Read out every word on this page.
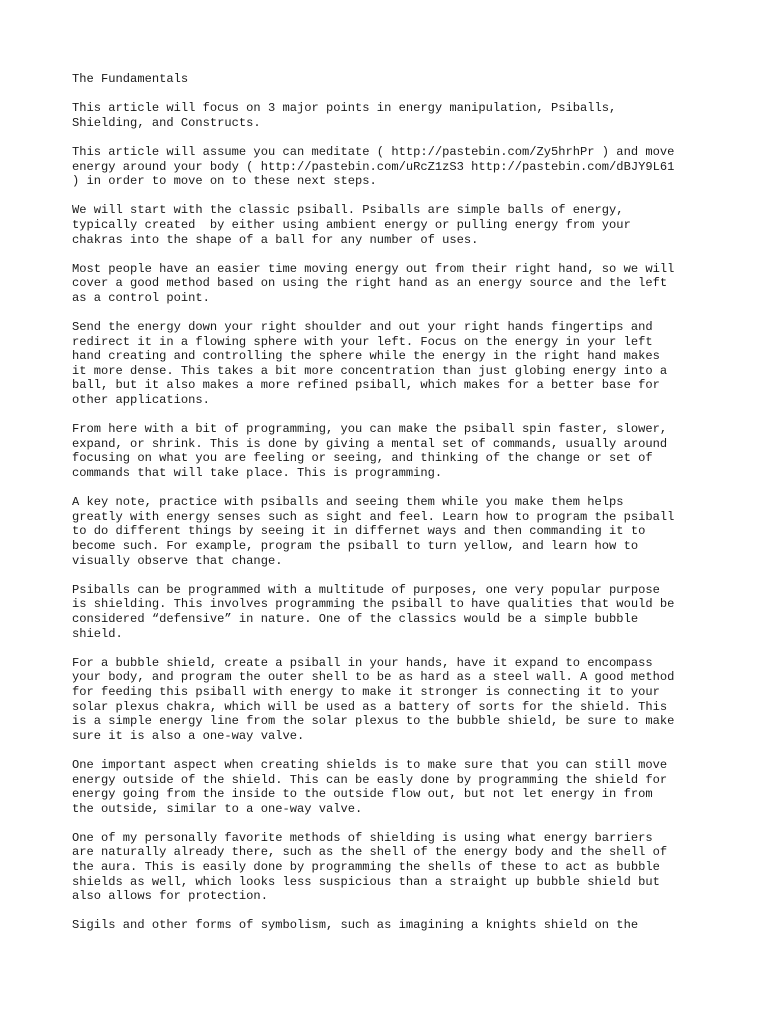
The Fundamentals
This article will focus on 3 major points in energy manipulation, Psiballs,
Shielding, and Constructs.
This article will assume you can meditate ( http://pastebin.com/Zy5hrhPr ) and move
energy around your body ( http://pastebin.com/uRcZ1zS3 http://pastebin.com/dBJY9L61
) in order to move on to these next steps.
We will start with the classic psiball. Psiballs are simple balls of energy,
typically created  by either using ambient energy or pulling energy from your
chakras into the shape of a ball for any number of uses.
Most people have an easier time moving energy out from their right hand, so we will
cover a good method based on using the right hand as an energy source and the left
as a control point.
Send the energy down your right shoulder and out your right hands fingertips and
redirect it in a flowing sphere with your left. Focus on the energy in your left
hand creating and controlling the sphere while the energy in the right hand makes
it more dense. This takes a bit more concentration than just globing energy into a
ball, but it also makes a more refined psiball, which makes for a better base for
other applications.
From here with a bit of programming, you can make the psiball spin faster, slower,
expand, or shrink. This is done by giving a mental set of commands, usually around
focusing on what you are feeling or seeing, and thinking of the change or set of
commands that will take place. This is programming.
A key note, practice with psiballs and seeing them while you make them helps
greatly with energy senses such as sight and feel. Learn how to program the psiball
to do different things by seeing it in differnet ways and then commanding it to
become such. For example, program the psiball to turn yellow, and learn how to
visually observe that change.
Psiballs can be programmed with a multitude of purposes, one very popular purpose
is shielding. This involves programming the psiball to have qualities that would be
considered “defensive” in nature. One of the classics would be a simple bubble
shield.
For a bubble shield, create a psiball in your hands, have it expand to encompass
your body, and program the outer shell to be as hard as a steel wall. A good method
for feeding this psiball with energy to make it stronger is connecting it to your
solar plexus chakra, which will be used as a battery of sorts for the shield. This
is a simple energy line from the solar plexus to the bubble shield, be sure to make
sure it is also a one-way valve.
One important aspect when creating shields is to make sure that you can still move
energy outside of the shield. This can be easly done by programming the shield for
energy going from the inside to the outside flow out, but not let energy in from
the outside, similar to a one-way valve.
One of my personally favorite methods of shielding is using what energy barriers
are naturally already there, such as the shell of the energy body and the shell of
the aura. This is easily done by programming the shells of these to act as bubble
shields as well, which looks less suspicious than a straight up bubble shield but
also allows for protection.
Sigils and other forms of symbolism, such as imagining a knights shield on the
